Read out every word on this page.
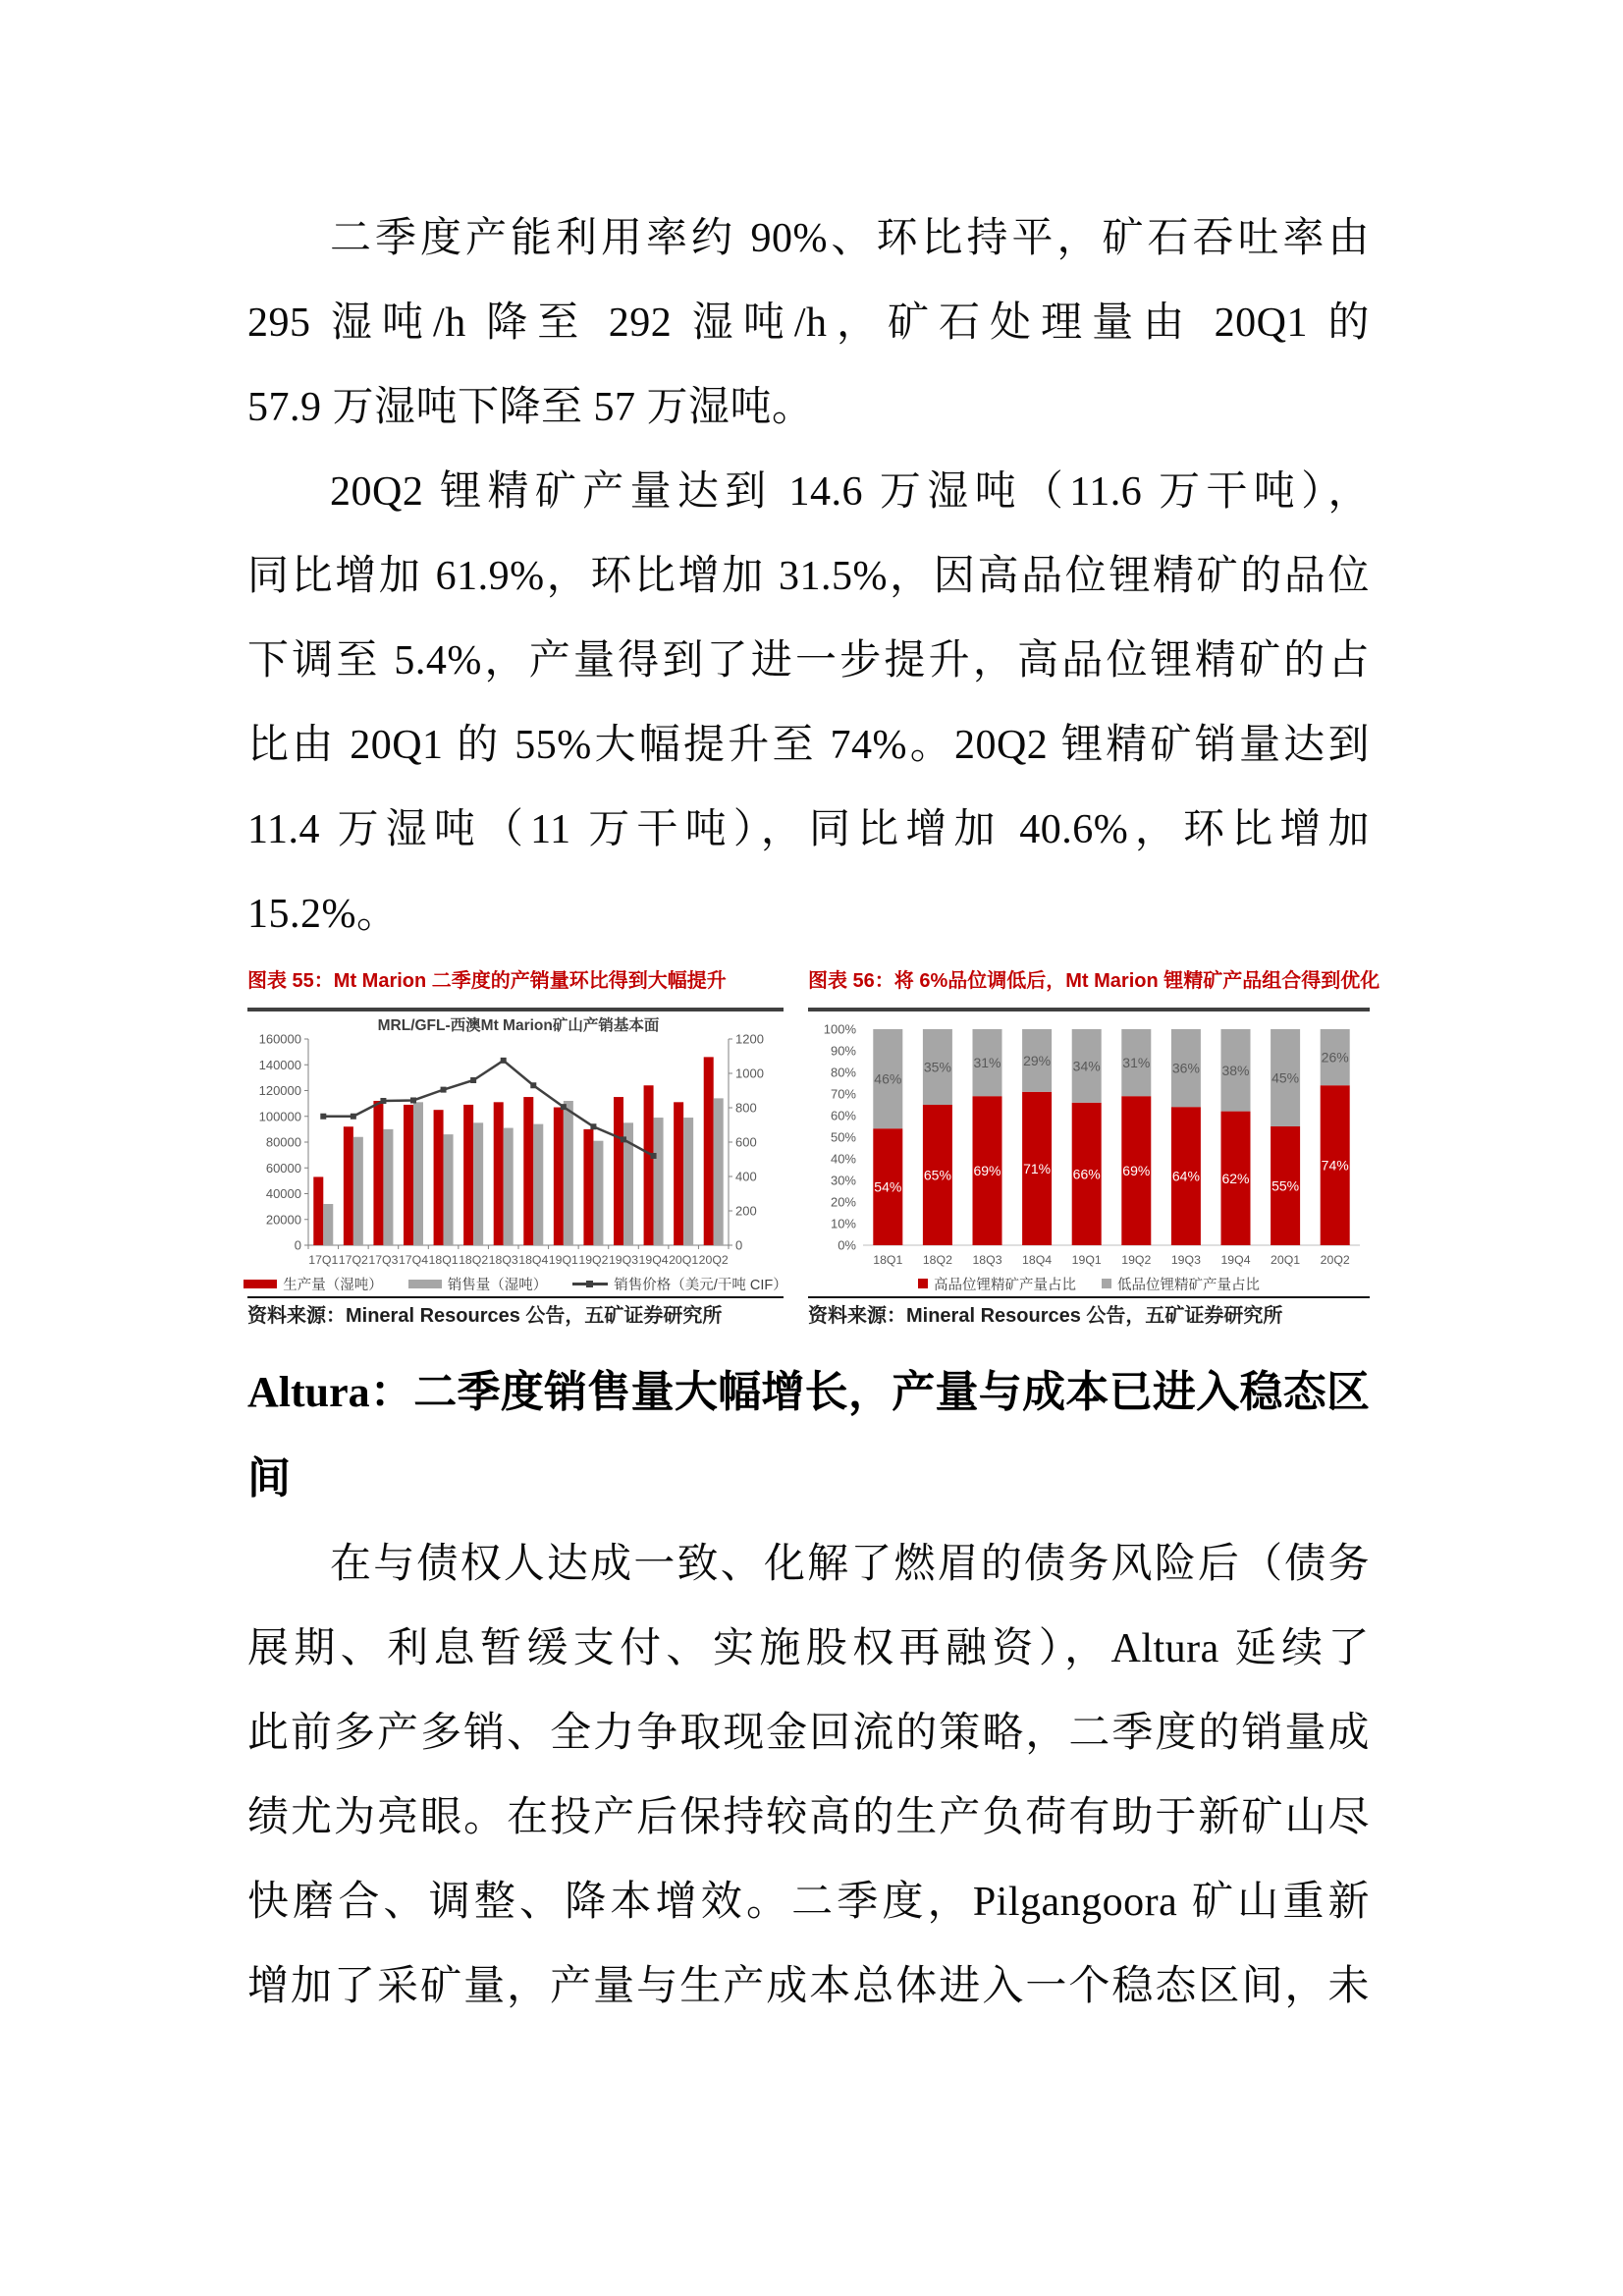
二季度产能利用率约 90%、环比持平，矿石吞吐率由
295 湿吨/h 降至 292 湿吨/h，矿石处理量由 20Q1 的
57.9 万湿吨下降至 57 万湿吨。
20Q2 锂精矿产量达到 14.6 万湿吨（11.6 万干吨），
同比增加 61.9%，环比增加 31.5%，因高品位锂精矿的品位
下调至 5.4%，产量得到了进一步提升，高品位锂精矿的占
比由 20Q1 的 55%大幅提升至 74%。20Q2 锂精矿销量达到
11.4 万湿吨（11 万干吨），同比增加 40.6%，环比增加
15.2%。
图表 55：Mt Marion 二季度的产销量环比得到大幅提升
MRL/GFL-西澳Mt Marion矿山产销基本面
0
20000
40000
60000
80000
100000
120000
140000
160000
0
200
400
600
800
1000
1200
17Q1 17Q2 17Q3 17Q4 18Q1 18Q2 18Q3 18Q4 19Q1 19Q2 19Q3 19Q4 20Q1 20Q2
生产量（湿吨）	销售量（湿吨）	销售价格（美元/干吨 CIF）
资料来源：Mineral Resources 公告，五矿证券研究所
图表 56：将 6%品位调低后，Mt Marion 锂精矿产品组合得到优化
0%
10%
20%
30%
40%
50%
60%
70%
80%
90%
100%
54%
46%
18Q1
65%
35%
18Q2
69%
31%
18Q3
71%
29%
18Q4
66%
34%
19Q1
69%
31%
19Q2
64%
36%
19Q3
62%
38%
19Q4
55%
45%
20Q1
74%
26%
20Q2
高品位锂精矿产量占比	低品位锂精矿产量占比
资料来源：Mineral Resources 公告，五矿证券研究所
Altura：二季度销售量大幅增长，产量与成本已进入稳态区
间
在与债权人达成一致、化解了燃眉的债务风险后（债务
展期、利息暂缓支付、实施股权再融资），Altura 延续了
此前多产多销、全力争取现金回流的策略，二季度的销量成
绩尤为亮眼。在投产后保持较高的生产负荷有助于新矿山尽
快磨合、调整、降本增效。二季度，Pilgangoora 矿山重新
增加了采矿量，产量与生产成本总体进入一个稳态区间，未
